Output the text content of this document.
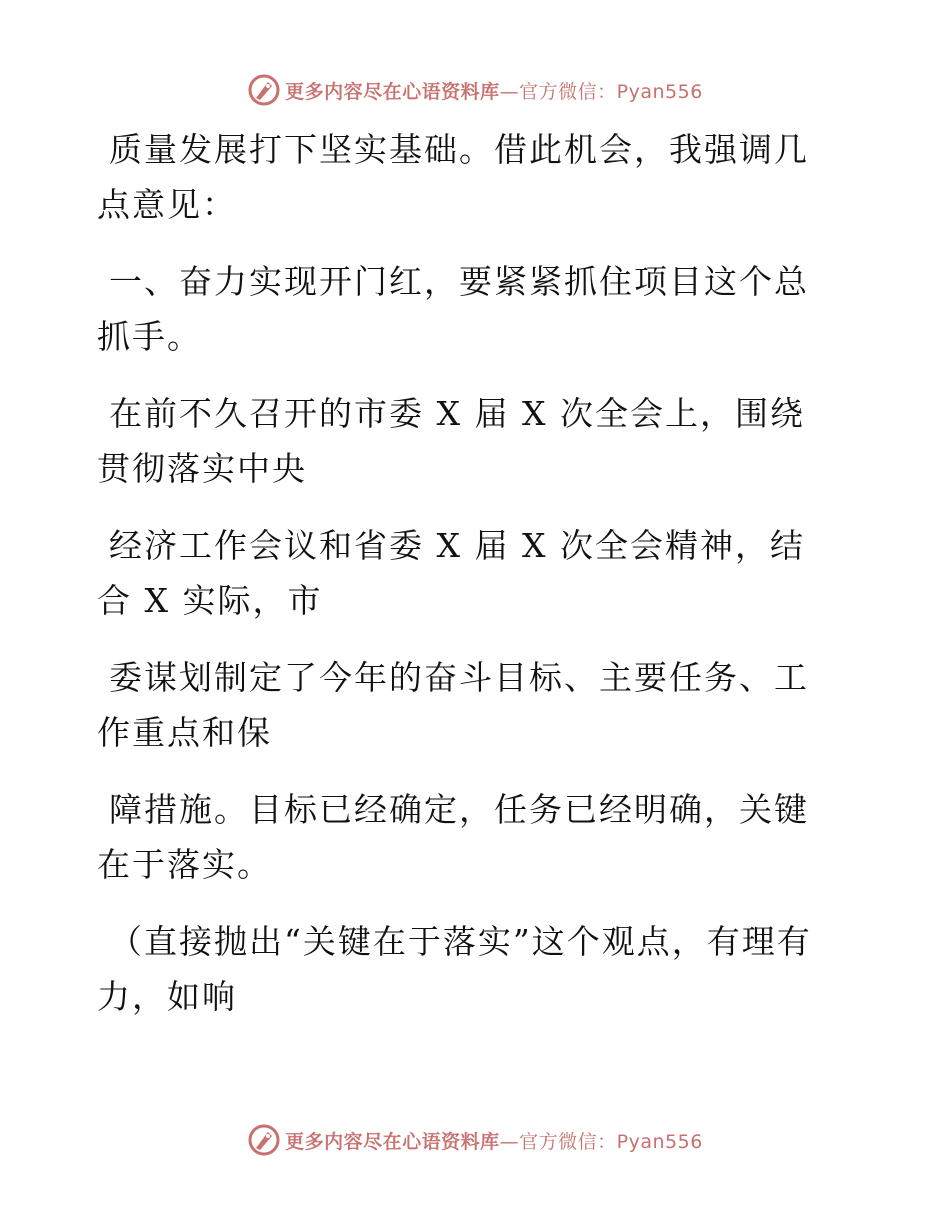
更多内容尽在心语资料库—官方微信：Pyan556

质量发展打下坚实基础。借此机会，我强调几点意见：

一、奋力实现开门红，要紧紧抓住项目这个总抓手。

在前不久召开的市委 X 届 X 次全会上，围绕贯彻落实中央

经济工作会议和省委 X 届 X 次全会精神，结合 X 实际，市

委谋划制定了今年的奋斗目标、主要任务、工作重点和保

障措施。目标已经确定，任务已经明确，关键在于落实。

（直接抛出“关键在于落实”这个观点，有理有力，如响

更多内容尽在心语资料库—官方微信：Pyan556
